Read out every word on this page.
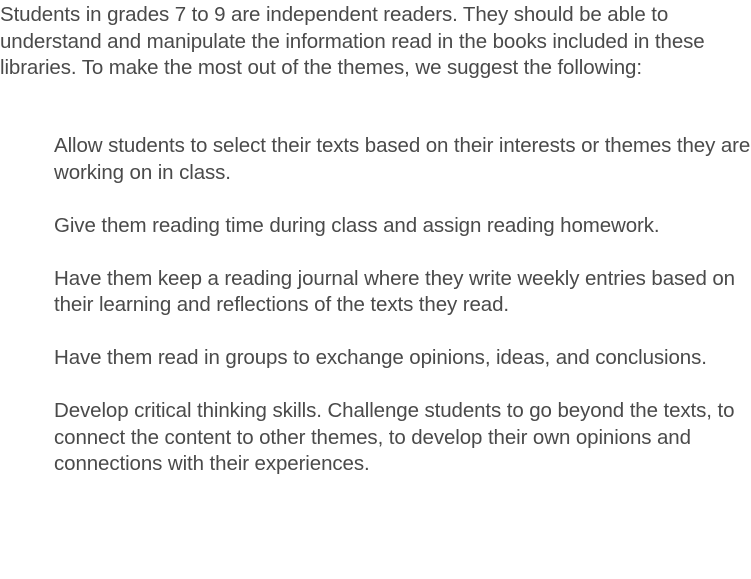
Students in grades 7 to 9 are independent readers. They should be able to understand and manipulate the information read in the books included in these libraries. To make the most out of the themes, we suggest the following:

Allow students to select their texts based on their interests or themes they are working on in class.
Give them reading time during class and assign reading homework.
Have them keep a reading journal where they write weekly entries based on their learning and reflections of the texts they read.
Have them read in groups to exchange opinions, ideas, and conclusions.
Develop critical thinking skills. Challenge students to go beyond the texts, to connect the content to other themes, to develop their own opinions and connections with their experiences.
